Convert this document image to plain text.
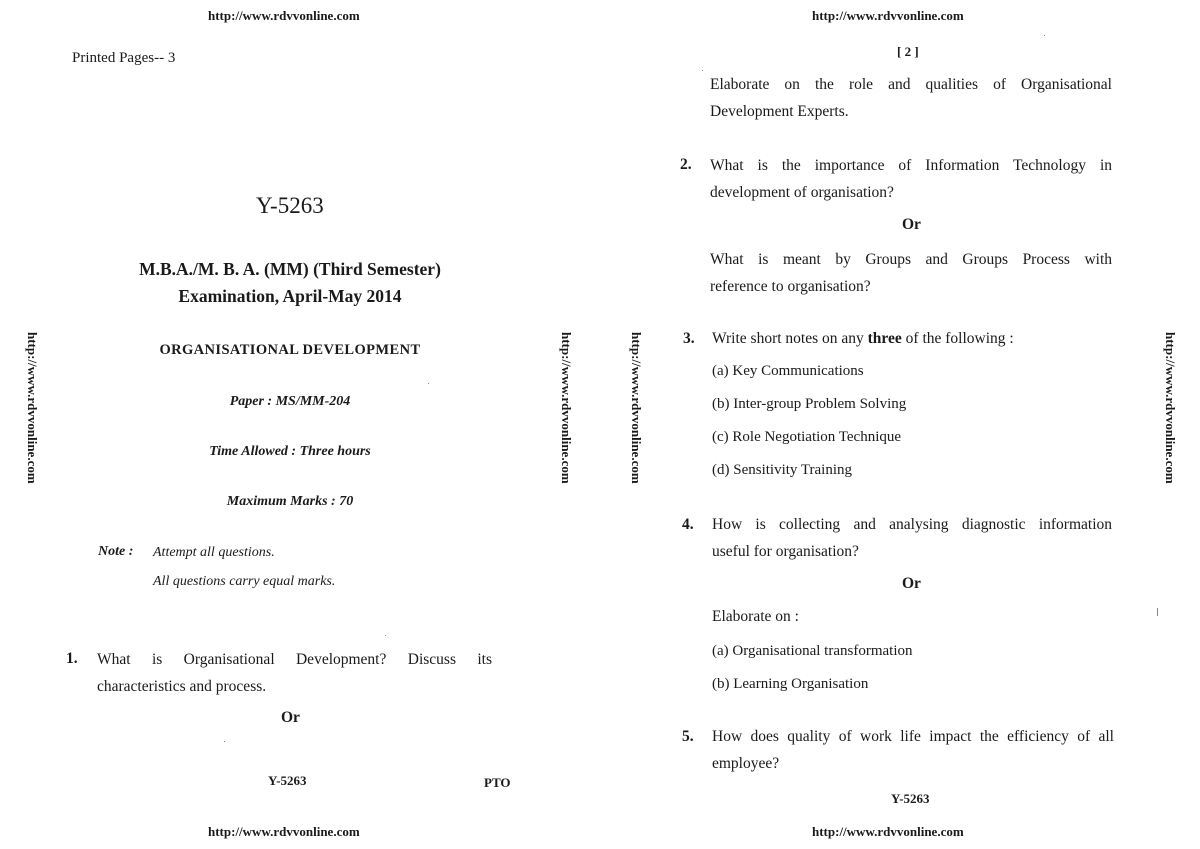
http://www.rdvvonline.com	http://www.rdvvonline.com
http://www.rdvvonline.com	http://www.rdvvonline.com
http://www.rdvvonline.com	http://www.rdvvonline.com	http://www.rdvvonline.com	http://www.rdvvonline.com
Printed Pages-- 3
Y-5263
M.B.A./M. B. A. (MM) (Third Semester)
Examination, April-May 2014
ORGANISATIONAL DEVELOPMENT
Paper : MS/MM-204
Time Allowed : Three hours
Maximum Marks : 70
Note : Attempt all questions.
All questions carry equal marks.
1. What is Organisational Development? Discuss its
characteristics and process.
Or
Y-5263	PTO
[ 2 ]
Elaborate on the role and qualities of Organisational
Development Experts.
2. What is the importance of Information Technology in
development of organisation?
Or
What is meant by Groups and Groups Process with
reference to organisation?
3. Write short notes on any three of the following :
(a) Key Communications
(b) Inter-group Problem Solving
(c) Role Negotiation Technique
(d) Sensitivity Training
4. How is collecting and analysing diagnostic information
useful for organisation?
Or
Elaborate on :
(a) Organisational transformation
(b) Learning Organisation
5. How does quality of work life impact the efficiency of all
employee?
Y-5263
